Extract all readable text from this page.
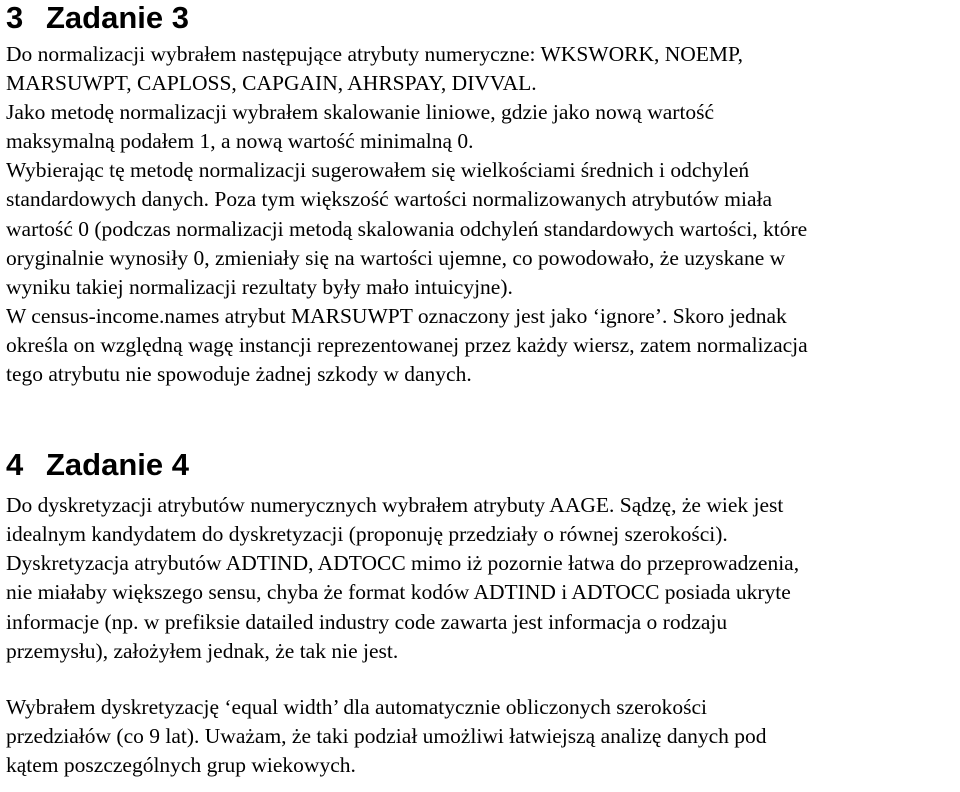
3 Zadanie 3

Do normalizacji wybrałem następujące atrybuty numeryczne: WKSWORK, NOEMP,
MARSUWPT, CAPLOSS, CAPGAIN, AHRSPAY, DIVVAL.
Jako metodę normalizacji wybrałem skalowanie liniowe, gdzie jako nową wartość
maksymalną podałem 1, a nową wartość minimalną 0.
Wybierając tę metodę normalizacji sugerowałem się wielkościami średnich i odchyleń
standardowych danych. Poza tym większość wartości normalizowanych atrybutów miała
wartość 0 (podczas normalizacji metodą skalowania odchyleń standardowych wartości, które
oryginalnie wynosiły 0, zmieniały się na wartości ujemne, co powodowało, że uzyskane w
wyniku takiej normalizacji rezultaty były mało intuicyjne).
W census-income.names atrybut MARSUWPT oznaczony jest jako ‘ignore’. Skoro jednak
określa on względną wagę instancji reprezentowanej przez każdy wiersz, zatem normalizacja
tego atrybutu nie spowoduje żadnej szkody w danych.

4 Zadanie 4

Do dyskretyzacji atrybutów numerycznych wybrałem atrybuty AAGE. Sądzę, że wiek jest
idealnym kandydatem do dyskretyzacji (proponuję przedziały o równej szerokości).
Dyskretyzacja atrybutów ADTIND, ADTOCC mimo iż pozornie łatwa do przeprowadzenia,
nie miałaby większego sensu, chyba że format kodów ADTIND i ADTOCC posiada ukryte
informacje (np. w prefiksie datailed industry code zawarta jest informacja o rodzaju
przemysłu), założyłem jednak, że tak nie jest.

Wybrałem dyskretyzację ‘equal width’ dla automatycznie obliczonych szerokości
przedziałów (co 9 lat). Uważam, że taki podział umożliwi łatwiejszą analizę danych pod
kątem poszczególnych grup wiekowych.
